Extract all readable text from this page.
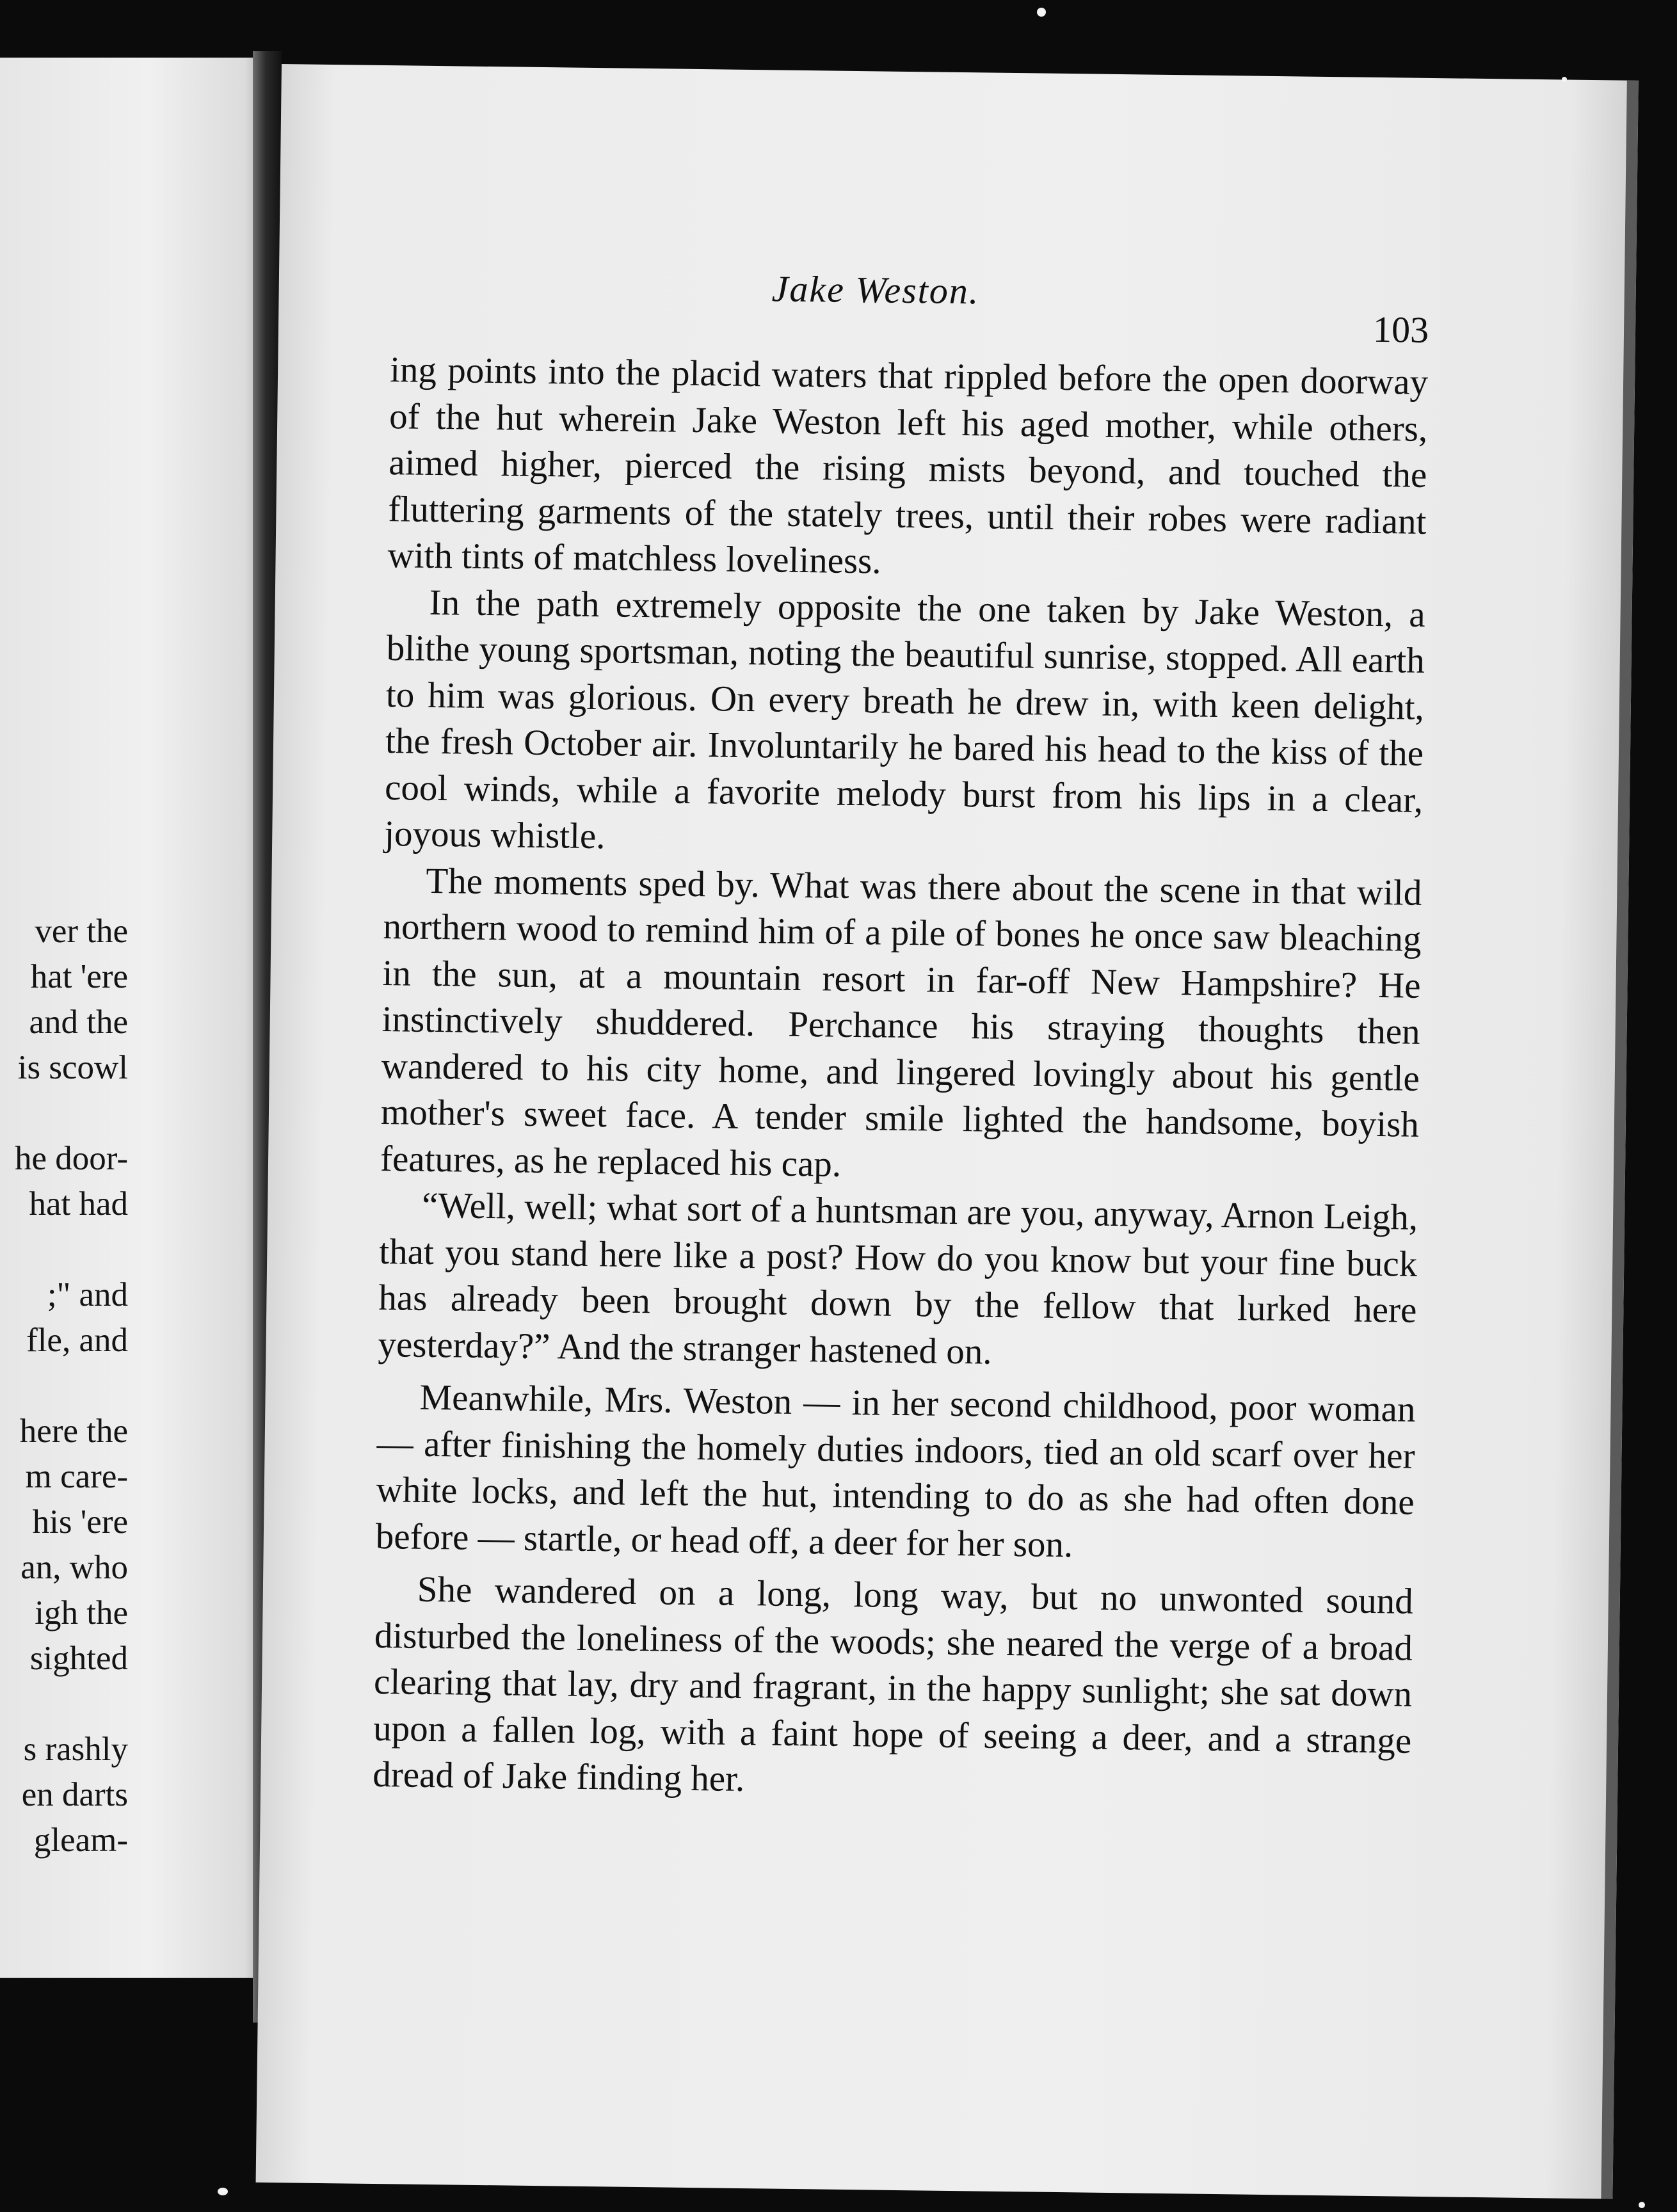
ver the
hat 'ere
and the
is scowl
he door-
hat had
;" and
fle, and
here the
m care-
his 'ere
an, who
igh the
sighted
s rashly
en darts
gleam-
Jake Weston.
103

ing points into the placid waters that rippled before the open doorway of the hut wherein Jake Weston left his aged mother, while others, aimed higher, pierced the rising mists beyond, and touched the fluttering garments of the stately trees, until their robes were radiant with tints of matchless loveliness.

In the path extremely opposite the one taken by Jake Weston, a blithe young sportsman, noting the beautiful sunrise, stopped. All earth to him was glorious. On every breath he drew in, with keen delight, the fresh October air. Involuntarily he bared his head to the kiss of the cool winds, while a favorite melody burst from his lips in a clear, joyous whistle.

The moments sped by. What was there about the scene in that wild northern wood to remind him of a pile of bones he once saw bleaching in the sun, at a mountain resort in far-off New Hampshire? He instinctively shuddered. Perchance his straying thoughts then wandered to his city home, and lingered lovingly about his gentle mother's sweet face. A tender smile lighted the handsome, boyish features, as he replaced his cap.

“Well, well; what sort of a huntsman are you, anyway, Arnon Leigh, that you stand here like a post? How do you know but your fine buck has already been brought down by the fellow that lurked here yesterday?” And the stranger hastened on.

Meanwhile, Mrs. Weston — in her second childhood, poor woman — after finishing the homely duties indoors, tied an old scarf over her white locks, and left the hut, intending to do as she had often done before — startle, or head off, a deer for her son.

She wandered on a long, long way, but no unwonted sound disturbed the loneliness of the woods; she neared the verge of a broad clearing that lay, dry and fragrant, in the happy sunlight; she sat down upon a fallen log, with a faint hope of seeing a deer, and a strange dread of Jake finding her.
